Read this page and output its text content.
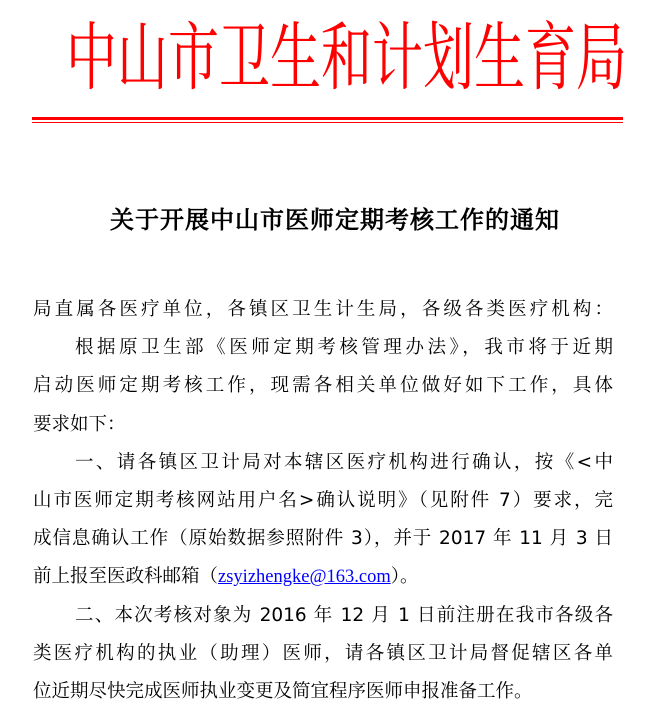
中山市卫生和计划生育局
关于开展中山市医师定期考核工作的通知
局直属各医疗单位，各镇区卫生计生局，各级各类医疗机构：
根据原卫生部《医师定期考核管理办法》，我市将于近期
启动医师定期考核工作，现需各相关单位做好如下工作，具体
要求如下：
一、请各镇区卫计局对本辖区医疗机构进行确认，按《<中
山市医师定期考核网站用户名>确认说明》（见附件 7）要求，完
成信息确认工作（原始数据参照附件 3），并于 2017 年 11 月 3 日
前上报至医政科邮箱（zsyizhengke@163.com）。
二、本次考核对象为 2016 年 12 月 1 日前注册在我市各级各
类医疗机构的执业（助理）医师，请各镇区卫计局督促辖区各单
位近期尽快完成医师执业变更及简宜程序医师申报准备工作。
